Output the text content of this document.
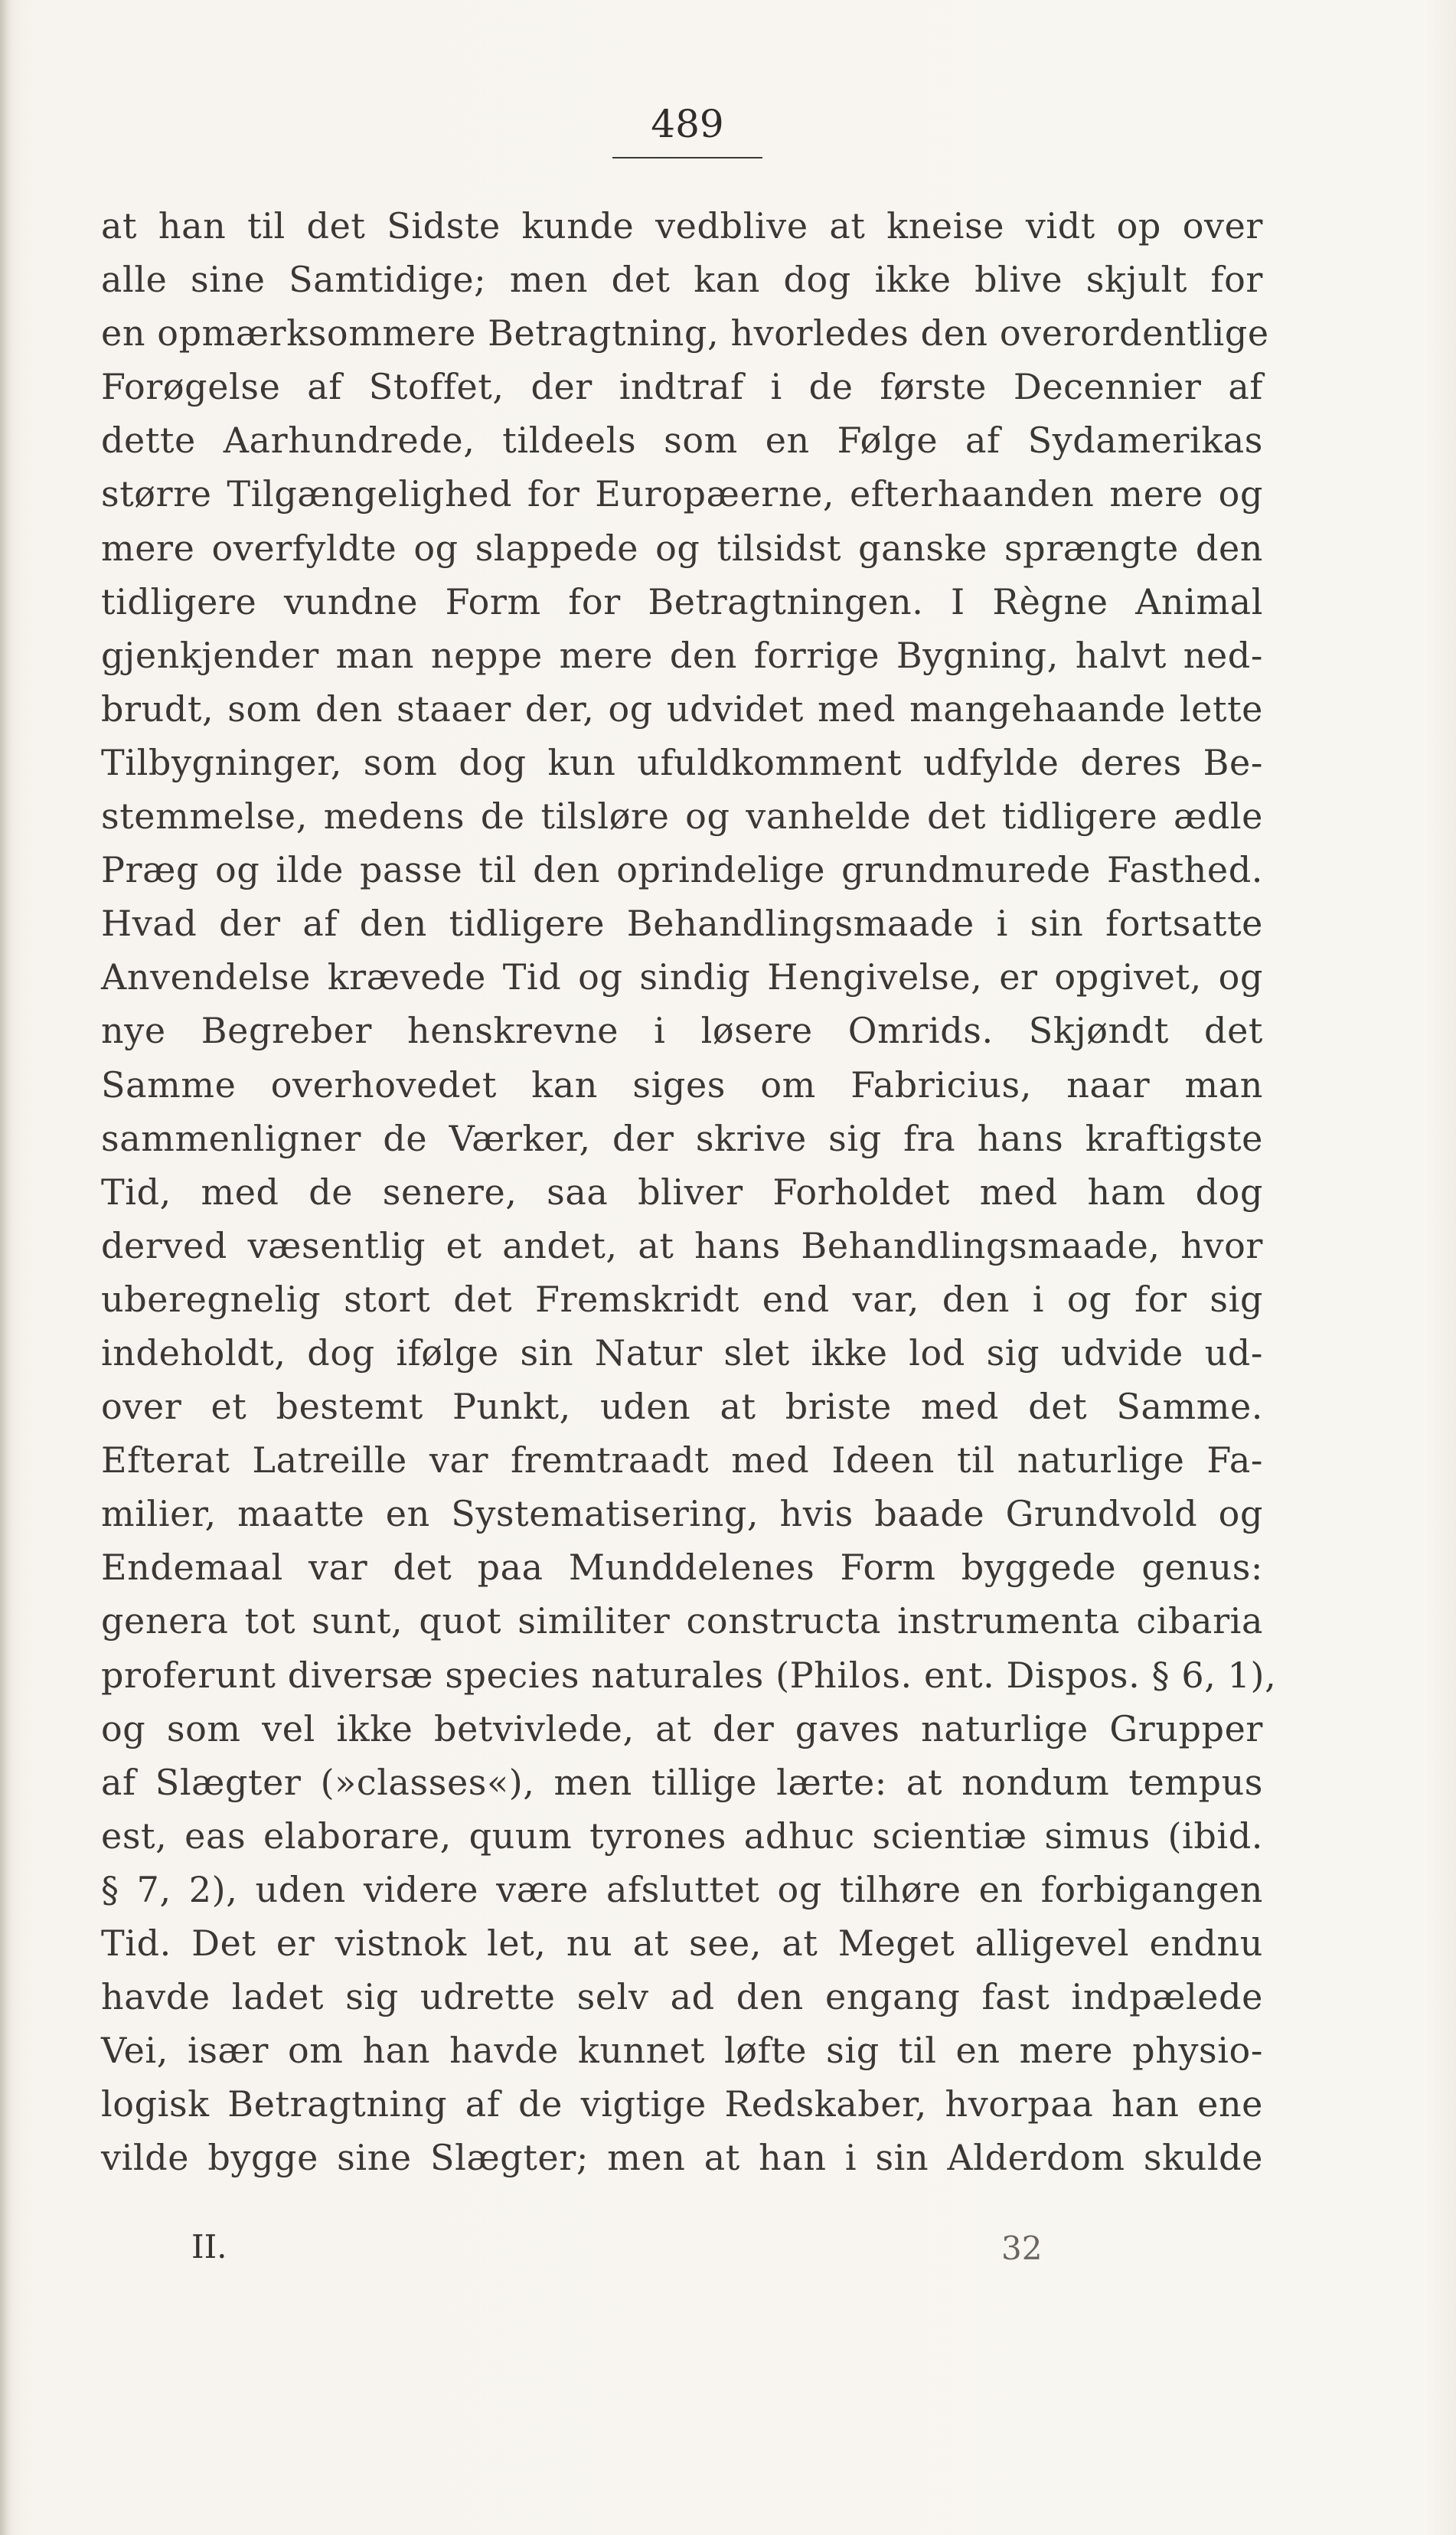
489
at han til det Sidste kunde vedblive at kneise vidt op over
alle sine Samtidige; men det kan dog ikke blive skjult for
en opmærksommere Betragtning, hvorledes den overordentlige
Forøgelse af Stoffet, der indtraf i de første Decennier af
dette Aarhundrede, tildeels som en Følge af Sydamerikas
større Tilgængelighed for Europæerne, efterhaanden mere og
mere overfyldte og slappede og tilsidst ganske sprængte den
tidligere vundne Form for Betragtningen. I Règne Animal
gjenkjender man neppe mere den forrige Bygning, halvt ned-
brudt, som den staaer der, og udvidet med mangehaande lette
Tilbygninger, som dog kun ufuldkomment udfylde deres Be-
stemmelse, medens de tilsløre og vanhelde det tidligere ædle
Præg og ilde passe til den oprindelige grundmurede Fasthed.
Hvad der af den tidligere Behandlingsmaade i sin fortsatte
Anvendelse krævede Tid og sindig Hengivelse, er opgivet, og
nye Begreber henskrevne i løsere Omrids. Skjøndt det
Samme overhovedet kan siges om Fabricius, naar man
sammenligner de Værker, der skrive sig fra hans kraftigste
Tid, med de senere, saa bliver Forholdet med ham dog
derved væsentlig et andet, at hans Behandlingsmaade, hvor
uberegnelig stort det Fremskridt end var, den i og for sig
indeholdt, dog ifølge sin Natur slet ikke lod sig udvide ud-
over et bestemt Punkt, uden at briste med det Samme.
Efterat Latreille var fremtraadt med Ideen til naturlige Fa-
milier, maatte en Systematisering, hvis baade Grundvold og
Endemaal var det paa Munddelenes Form byggede genus:
genera tot sunt, quot similiter constructa instrumenta cibaria
proferunt diversæ species naturales (Philos. ent. Dispos. § 6, 1),
og som vel ikke betvivlede, at der gaves naturlige Grupper
af Slægter (»classes«), men tillige lærte: at nondum tempus
est, eas elaborare, quum tyrones adhuc scientiæ simus (ibid.
§ 7, 2), uden videre være afsluttet og tilhøre en forbigangen
Tid. Det er vistnok let, nu at see, at Meget alligevel endnu
havde ladet sig udrette selv ad den engang fast indpælede
Vei, især om han havde kunnet løfte sig til en mere physio-
logisk Betragtning af de vigtige Redskaber, hvorpaa han ene
vilde bygge sine Slægter; men at han i sin Alderdom skulde
II.	32
